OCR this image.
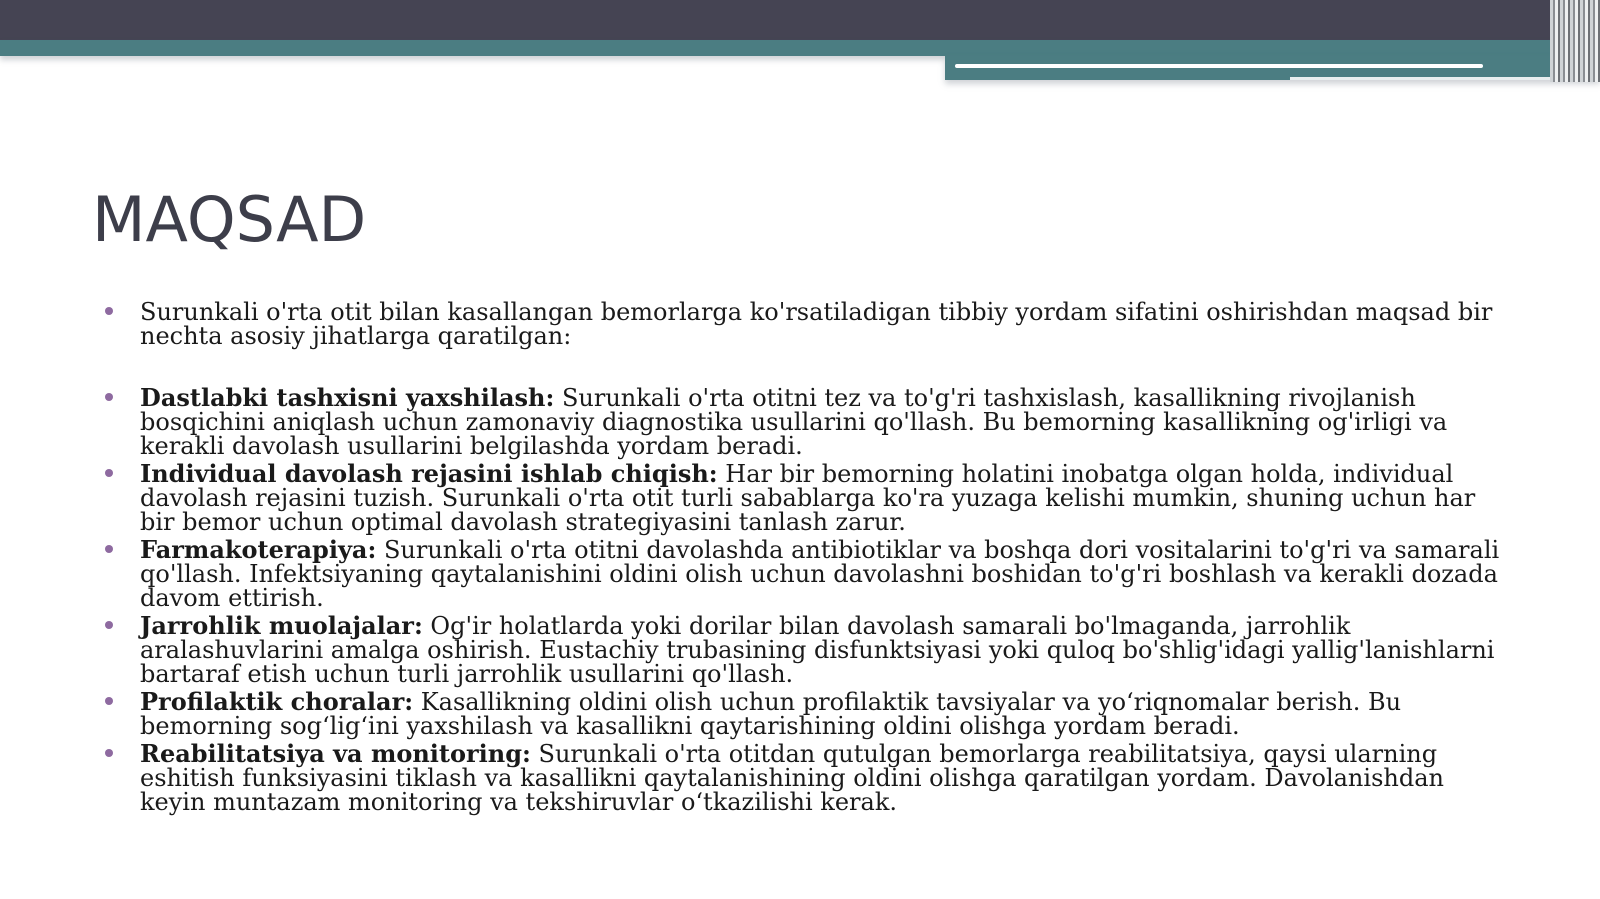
MAQSAD
Surunkali o'rta otit bilan kasallangan bemorlarga ko'rsatiladigan tibbiy yordam sifatini oshirishdan maqsad bir nechta asosiy jihatlarga qaratilgan:
Dastlabki tashxisni yaxshilash: Surunkali o'rta otitni tez va to'g'ri tashxislash, kasallikning rivojlanish bosqichini aniqlash uchun zamonaviy diagnostika usullarini qo'llash. Bu bemorning kasallikning og'irligi va kerakli davolash usullarini belgilashda yordam beradi.
Individual davolash rejasini ishlab chiqish: Har bir bemorning holatini inobatga olgan holda, individual davolash rejasini tuzish. Surunkali o'rta otit turli sabablarga ko'ra yuzaga kelishi mumkin, shuning uchun har bir bemor uchun optimal davolash strategiyasini tanlash zarur.
Farmakoterapiya: Surunkali o'rta otitni davolashda antibiotiklar va boshqa dori vositalarini to'g'ri va samarali qo'llash. Infektsiyaning qaytalanishini oldini olish uchun davolashni boshidan to'g'ri boshlash va kerakli dozada davom ettirish.
Jarrohlik muolajalar: Og'ir holatlarda yoki dorilar bilan davolash samarali bo'lmaganda, jarrohlik aralashuvlarini amalga oshirish. Eustachiy trubasining disfunktsiyasi yoki quloq bo'shlig'idagi yallig'lanishlarni bartaraf etish uchun turli jarrohlik usullarini qo'llash.
Profilaktik choralar: Kasallikning oldini olish uchun profilaktik tavsiyalar va yo‘riqnomalar berish. Bu bemorning sog‘lig‘ini yaxshilash va kasallikni qaytarishining oldini olishga yordam beradi.
Reabilitatsiya va monitoring: Surunkali o'rta otitdan qutulgan bemorlarga reabilitatsiya, qaysi ularning eshitish funksiyasini tiklash va kasallikni qaytalanishining oldini olishga qaratilgan yordam. Davolanishdan keyin muntazam monitoring va tekshiruvlar o‘tkazilishi kerak.
